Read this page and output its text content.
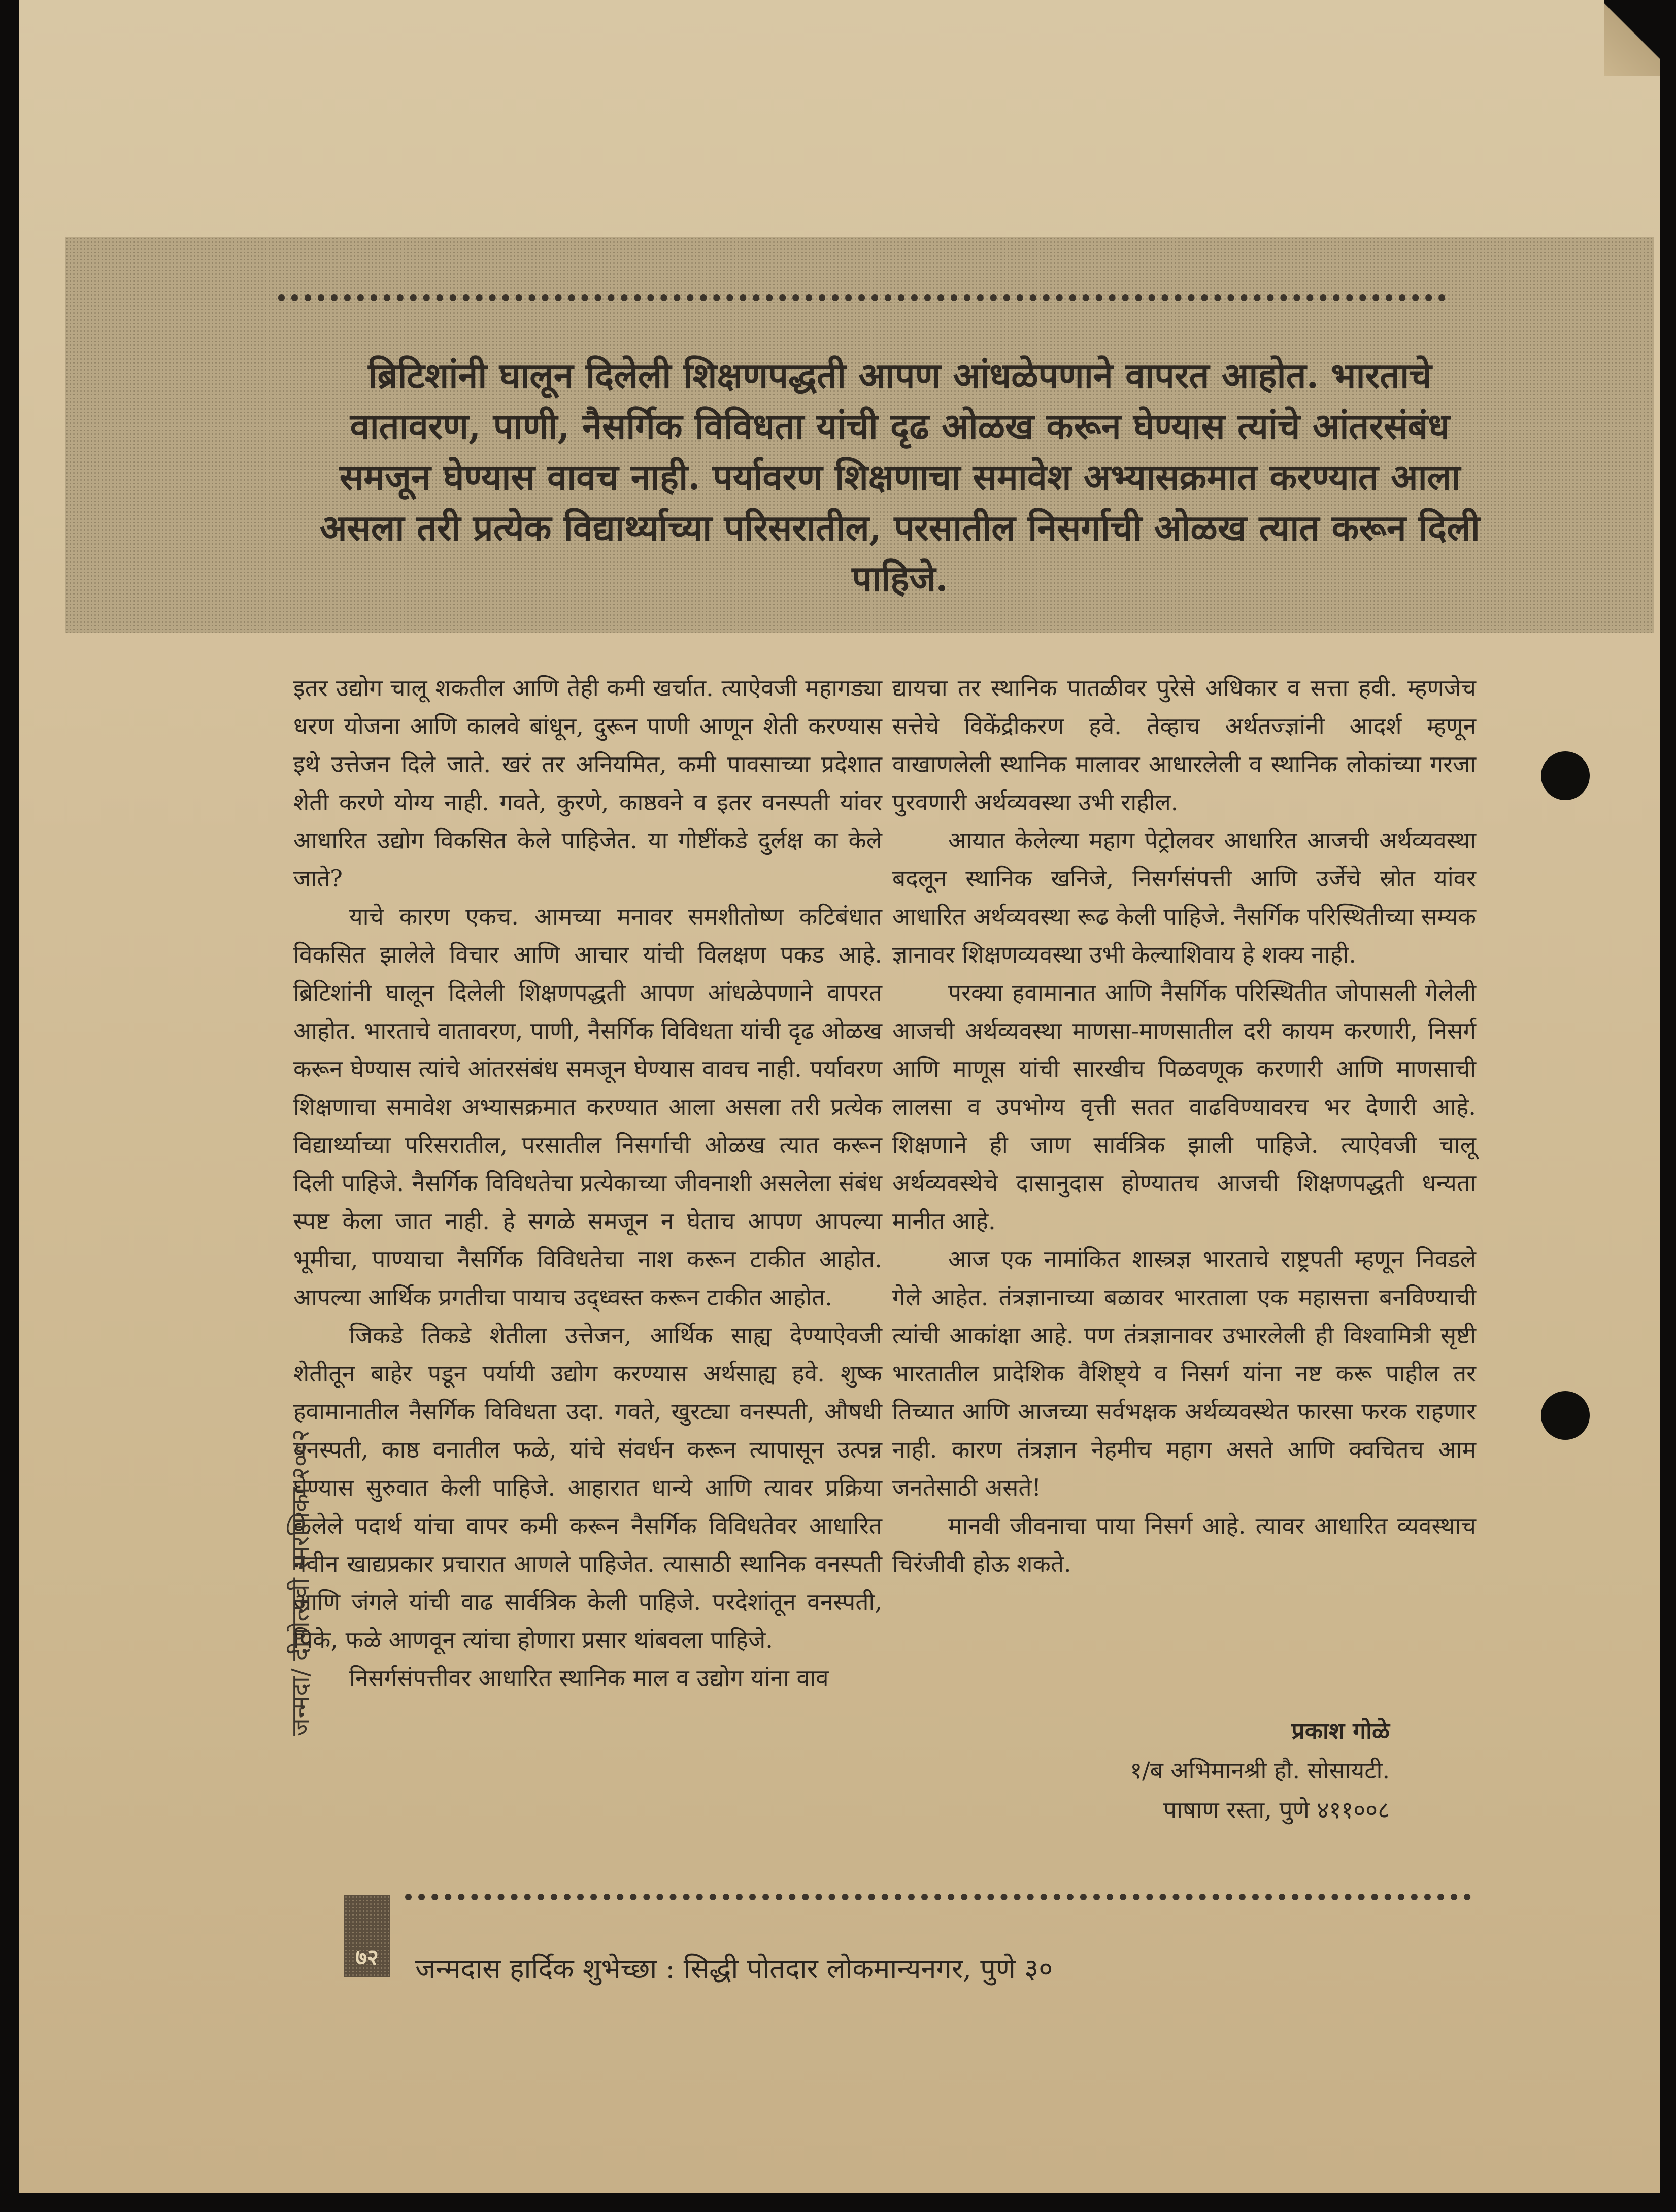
ब्रिटिशांनी घालून दिलेली शिक्षणपद्धती आपण आंधळेपणाने वापरत आहोत. भारताचे वातावरण, पाणी, नैसर्गिक विविधता यांची दृढ ओळख करून घेण्यास त्यांचे आंतरसंबंध समजून घेण्यास वावच नाही. पर्यावरण शिक्षणाचा समावेश अभ्यासक्रमात करण्यात आला असला तरी प्रत्येक विद्यार्थ्याच्या परिसरातील, परसातील निसर्गाची ओळख त्यात करून दिली पाहिजे.

इतर उद्योग चालू शकतील आणि तेही कमी खर्चात. त्याऐवजी महागड्या धरण योजना आणि कालवे बांधून, दुरून पाणी आणून शेती करण्यास इथे उत्तेजन दिले जाते. खरं तर अनियमित, कमी पावसाच्या प्रदेशात शेती करणे योग्य नाही. गवते, कुरणे, काष्ठवने व इतर वनस्पती यांवर आधारित उद्योग विकसित केले पाहिजेत. या गोष्टींकडे दुर्लक्ष का केले जाते?

याचे कारण एकच. आमच्या मनावर समशीतोष्ण कटिबंधात विकसित झालेले विचार आणि आचार यांची विलक्षण पकड आहे. ब्रिटिशांनी घालून दिलेली शिक्षणपद्धती आपण आंधळेपणाने वापरत आहोत. भारताचे वातावरण, पाणी, नैसर्गिक विविधता यांची दृढ ओळख करून घेण्यास त्यांचे आंतरसंबंध समजून घेण्यास वावच नाही. पर्यावरण शिक्षणाचा समावेश अभ्यासक्रमात करण्यात आला असला तरी प्रत्येक विद्यार्थ्याच्या परिसरातील, परसातील निसर्गाची ओळख त्यात करून दिली पाहिजे. नैसर्गिक विविधतेचा प्रत्येकाच्या जीवनाशी असलेला संबंध स्पष्ट केला जात नाही. हे सगळे समजून न घेताच आपण आपल्या भूमीचा, पाण्याचा नैसर्गिक विविधतेचा नाश करून टाकीत आहोत. आपल्या आर्थिक प्रगतीचा पायाच उद्ध्वस्त करून टाकीत आहोत.

जिकडे तिकडे शेतीला उत्तेजन, आर्थिक साह्य देण्याऐवजी शेतीतून बाहेर पडून पर्यायी उद्योग करण्यास अर्थसाह्य हवे. शुष्क हवामानातील नैसर्गिक विविधता उदा. गवते, खुरट्या वनस्पती, औषधी वनस्पती, काष्ठ वनातील फळे, यांचे संवर्धन करून त्यापासून उत्पन्न घेण्यास सुरुवात केली पाहिजे. आहारात धान्ये आणि त्यावर प्रक्रिया केलेले पदार्थ यांचा वापर कमी करून नैसर्गिक विविधतेवर आधारित नवीन खाद्यप्रकार प्रचारात आणले पाहिजेत. त्यासाठी स्थानिक वनस्पती आणि जंगले यांची वाढ सार्वत्रिक केली पाहिजे. परदेशांतून वनस्पती, पिके, फळे आणवून त्यांचा होणारा प्रसार थांबवला पाहिजे.

निसर्गसंपत्तीवर आधारित स्थानिक माल व उद्योग यांना वाव

द्यायचा तर स्थानिक पातळीवर पुरेसे अधिकार व सत्ता हवी. म्हणजेच सत्तेचे विकेंद्रीकरण हवे. तेव्हाच अर्थतज्ज्ञांनी आदर्श म्हणून वाखाणलेली स्थानिक मालावर आधारलेली व स्थानिक लोकांच्या गरजा पुरवणारी अर्थव्यवस्था उभी राहील.

आयात केलेल्या महाग पेट्रोलवर आधारित आजची अर्थव्यवस्था बदलून स्थानिक खनिजे, निसर्गसंपत्ती आणि उर्जेचे स्रोत यांवर आधारित अर्थव्यवस्था रूढ केली पाहिजे. नैसर्गिक परिस्थितीच्या सम्यक ज्ञानावर शिक्षणव्यवस्था उभी केल्याशिवाय हे शक्य नाही.

परक्या हवामानात आणि नैसर्गिक परिस्थितीत जोपासली गेलेली आजची अर्थव्यवस्था माणसा-माणसातील दरी कायम करणारी, निसर्ग आणि माणूस यांची सारखीच पिळवणूक करणारी आणि माणसाची लालसा व उपभोग्य वृत्ती सतत वाढविण्यावरच भर देणारी आहे. शिक्षणाने ही जाण सार्वत्रिक झाली पाहिजे. त्याऐवजी चालू अर्थव्यवस्थेचे दासानुदास होण्यातच आजची शिक्षणपद्धती धन्यता मानीत आहे.

आज एक नामांकित शास्त्रज्ञ भारताचे राष्ट्रपती म्हणून निवडले गेले आहेत. तंत्रज्ञानाच्या बळावर भारताला एक महासत्ता बनविण्याची त्यांची आकांक्षा आहे. पण तंत्रज्ञानावर उभारलेली ही विश्वामित्री सृष्टी भारतातील प्रादेशिक वैशिष्ट्ये व निसर्ग यांना नष्ट करू पाहील तर तिच्यात आणि आजच्या सर्वभक्षक अर्थव्यवस्थेत फारसा फरक राहणार नाही. कारण तंत्रज्ञान नेहमीच महाग असते आणि क्वचितच आम जनतेसाठी असते!

मानवी जीवनाचा पाया निसर्ग आहे. त्यावर आधारित व्यवस्थाच चिरंजीवी होऊ शकते.

प्रकाश गोळे
१/ब अभिमानश्री हौ. सोसायटी.
पाषाण रस्ता, पुणे ४११००८
जन्मदा/ दीपोत्सवी स्मरणिका २००२
७२	जन्मदास हार्दिक शुभेच्छा : सिद्धी पोतदार लोकमान्यनगर, पुणे ३०
